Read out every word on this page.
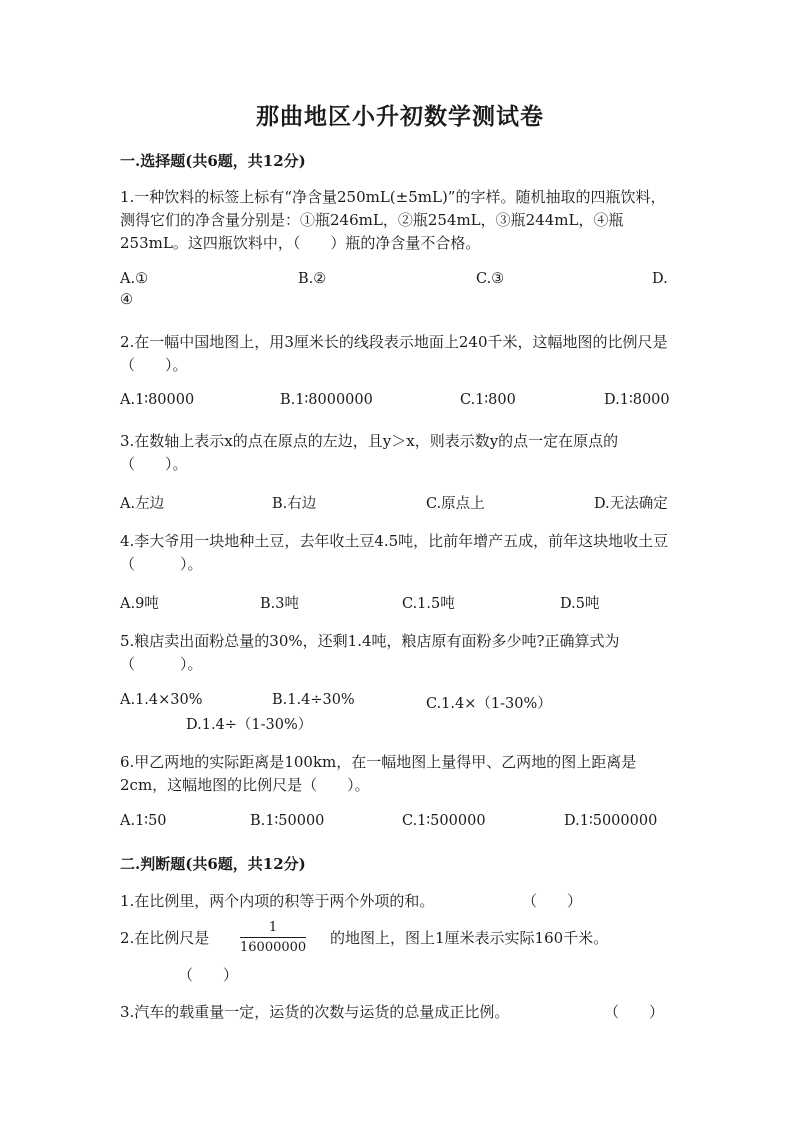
那曲地区小升初数学测试卷
一.选择题(共6题，共12分)
1.一种饮料的标签上标有“净含量250mL(±5mL)”的字样。随机抽取的四瓶饮料，测得它们的净含量分别是：①瓶246mL，②瓶254mL，③瓶244mL，④瓶253mL。这四瓶饮料中，（　　）瓶的净含量不合格。
A.①	B.②	C.③	D.
④
2.在一幅中国地图上，用3厘米长的线段表示地面上240千米，这幅地图的比例尺是（　　）。
A.1∶80000	B.1∶8000000	C.1∶800	D.1∶8000
3.在数轴上表示x的点在原点的左边，且y＞x，则表示数y的点一定在原点的（　　）。
A.左边	B.右边	C.原点上	D.无法确定
4.李大爷用一块地种土豆，去年收土豆4.5吨，比前年增产五成，前年这块地收土豆（　　　）。
A.9吨	B.3吨	C.1.5吨	D.5吨
5.粮店卖出面粉总量的30%，还剩1.4吨，粮店原有面粉多少吨?正确算式为（　　　）。
A.1.4×30%	B.1.4÷30%	C.1.4×（1-30%）
D.1.4÷（1-30%）
6.甲乙两地的实际距离是100km，在一幅地图上量得甲、乙两地的图上距离是2cm，这幅地图的比例尺是（　　）。
A.1∶50	B.1∶50000	C.1∶500000	D.1∶5000000
二.判断题(共6题，共12分)
1.在比例里，两个内项的积等于两个外项的和。	（　　）
2.在比例尺是 $\frac{1}{16000000}$ 的地图上，图上1厘米表示实际160千米。
（　　）
3.汽车的载重量一定，运货的次数与运货的总量成正比例。	（　　）
